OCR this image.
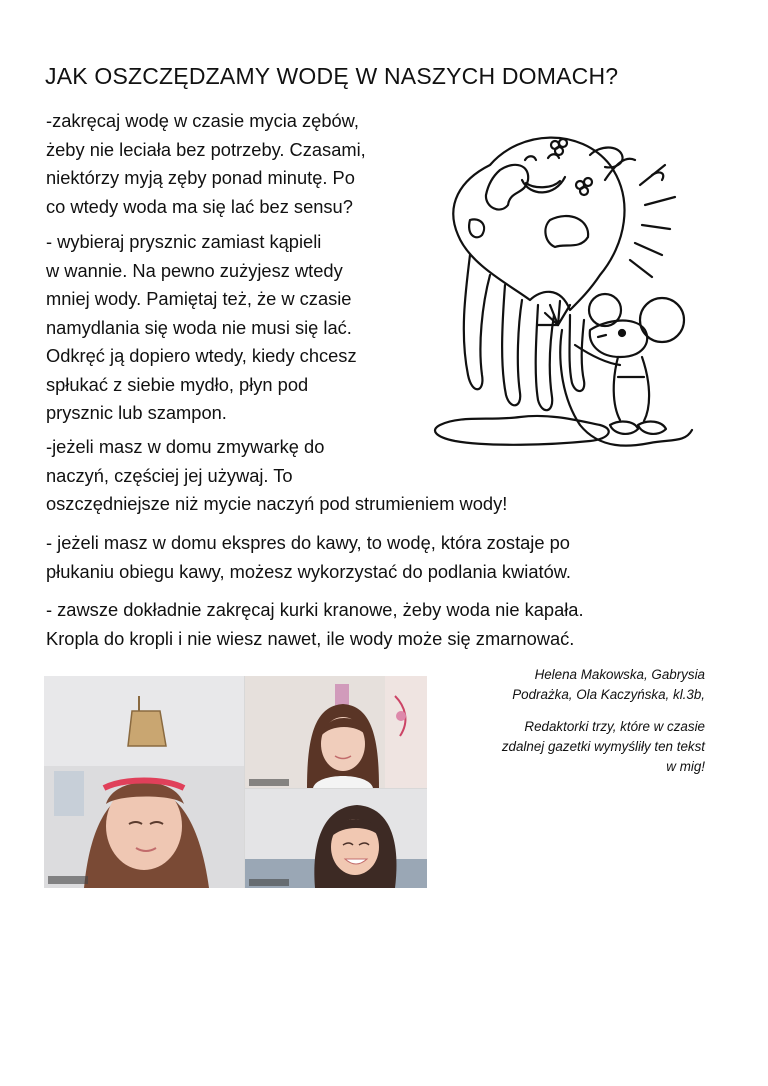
JAK OSZCZĘDZAMY WODĘ W NASZYCH DOMACH?

-zakręcaj wodę w czasie mycia zębów,
żeby nie leciała bez potrzeby. Czasami,
niektórzy myją zęby ponad minutę. Po
co wtedy woda ma się lać bez sensu?

- wybieraj prysznic zamiast kąpieli
w wannie. Na pewno zużyjesz wtedy
mniej wody. Pamiętaj też, że w czasie
namydlania się woda nie musi się lać.
Odkręć ją dopiero wtedy, kiedy chcesz
spłukać z siebie mydło, płyn pod
prysznic lub szampon.

-jeżeli masz w domu zmywarkę do
naczyń, częściej jej używaj. To
oszczędniejsze niż mycie naczyń pod strumieniem wody!

- jeżeli masz w domu ekspres do kawy, to wodę, która zostaje po
płukaniu obiegu kawy, możesz wykorzystać do podlania kwiatów.

- zawsze dokładnie zakręcaj kurki kranowe, żeby woda nie kapała.
Kropla do kropli i nie wiesz nawet, ile wody może się zmarnować.

Helena Makowska, Gabrysia
Podrażka, Ola Kaczyńska, kl.3b,

Redaktorki trzy, które w czasie
zdalnej gazetki wymyśliły ten tekst
w mig!
